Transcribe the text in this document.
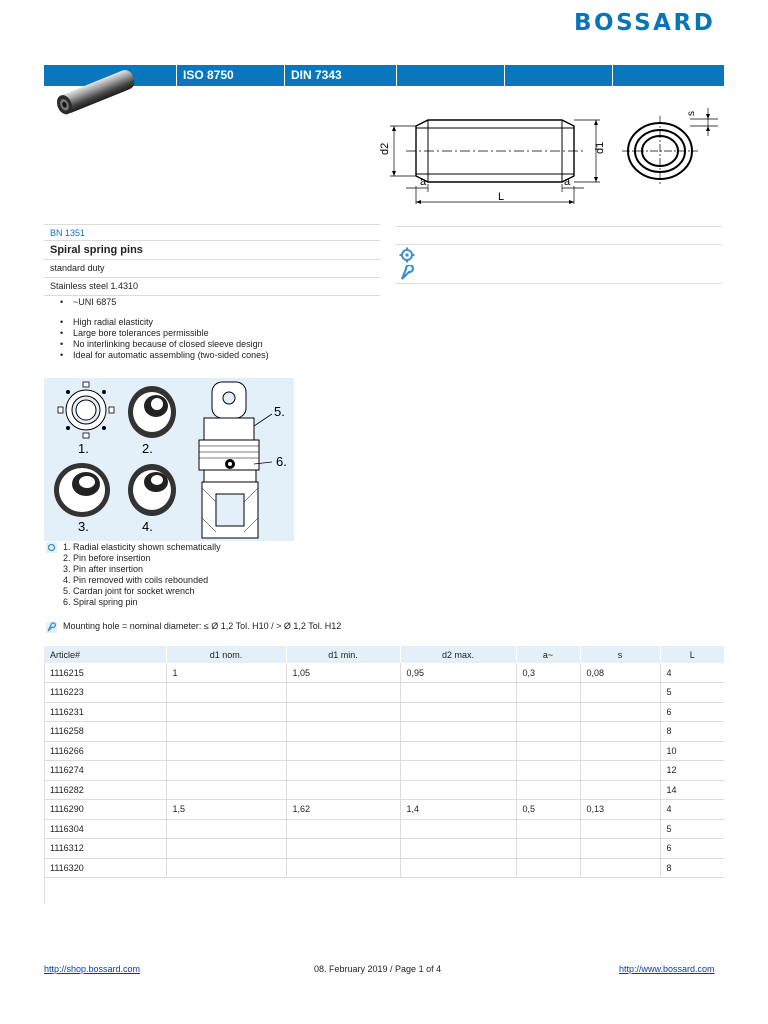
BOSSARD
ISO 8750	DIN 7343
d2	d1
a	a
L
s
BN 1351
Spiral spring pins
standard duty
Stainless steel 1.4310
• ~UNI 6875
• High radial elasticity
• Large bore tolerances permissible
• No interlinking because of closed sleeve design
• Ideal for automatic assembling (two-sided cones)
1.	2.
3.	4.
5.
6.
1. Radial elasticity shown schematically
2. Pin before insertion
3. Pin after insertion
4. Pin removed with coils rebounded
5. Cardan joint for socket wrench
6. Spiral spring pin
Mounting hole = nominal diameter: ≤ Ø 1,2 Tol. H10 / > Ø 1,2 Tol. H12
Article#	d1 nom.	d1 min.	d2 max.	a~	s	L
1116215	1	1,05	0,95	0,3	0,08	4
1116223						5
1116231						6
1116258						8
1116266						10
1116274						12
1116282						14
1116290	1,5	1,62	1,4	0,5	0,13	4
1116304						5
1116312						6
1116320						8
http://shop.bossard.com	08. February 2019 / Page 1 of 4	http://www.bossard.com
